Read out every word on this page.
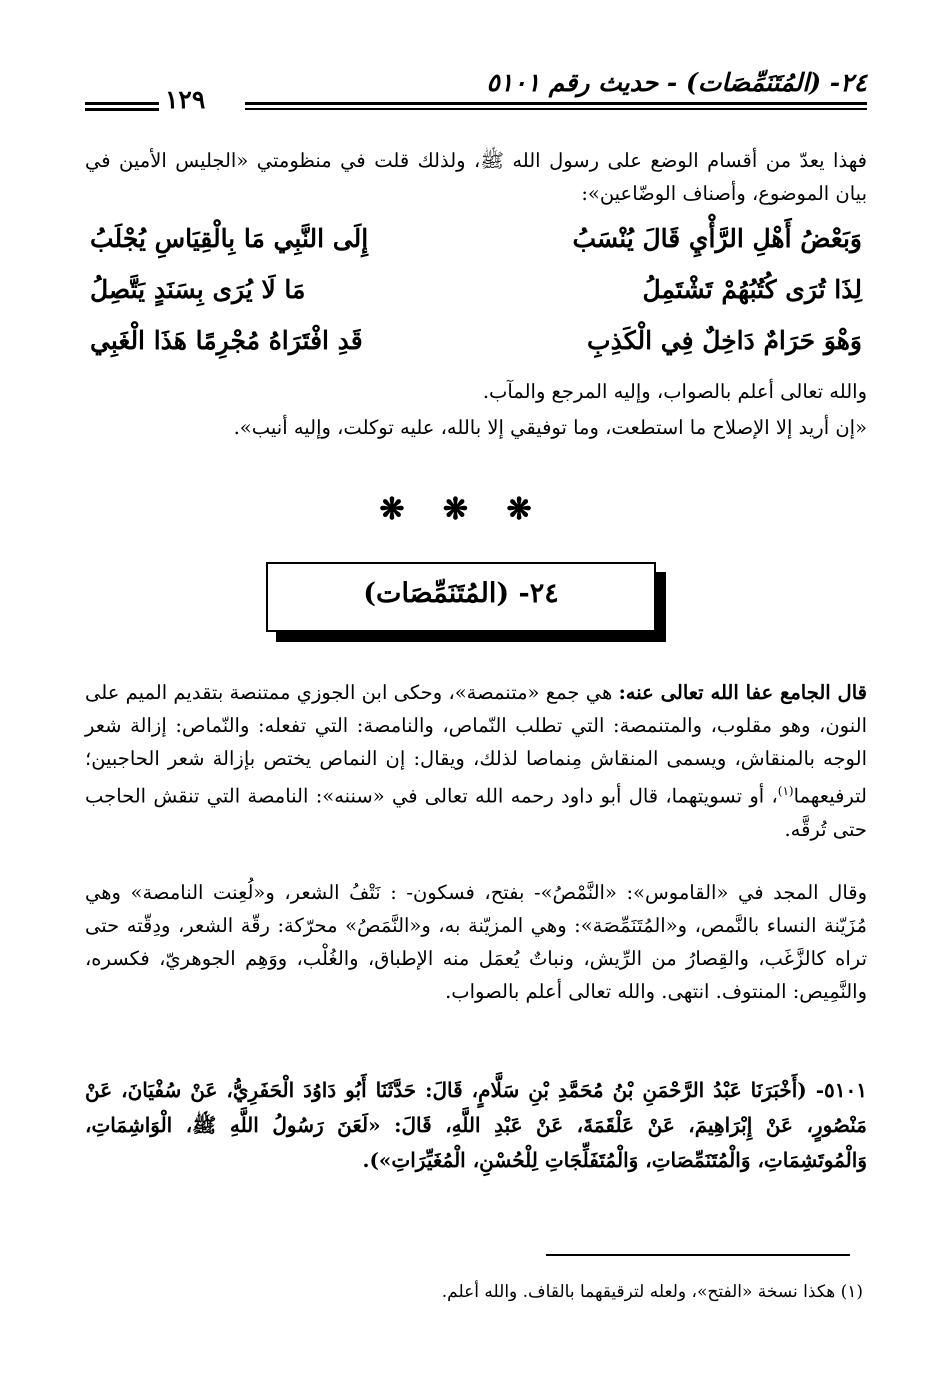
٢٤- (المُتَنَمِّصَات) - حديث رقم ٥١٠١
١٢٩
فهذا يعدّ من أقسام الوضع على رسول الله ﷺ، ولذلك قلت في منظومتي «الجليس الأمين في بيان الموضوع، وأصناف الوضّاعين»:
وَبَعْضُ أَهْلِ الرَّأْيِ قَالَ يُنْسَبُ
إِلَى النَّبِي مَا بِالْقِيَاسِ يُجْلَبُ
لِذَا تُرَى كُتُبُهُمْ تَشْتَمِلُ
مَا لَا يُرَى بِسَنَدٍ يَتَّصِلُ
وَهْوَ حَرَامٌ دَاخِلٌ فِي الْكَذِبِ
قَدِ افْتَرَاهُ مُجْرِمًا هَذَا الْغَبِي
والله تعالى أعلم بالصواب، وإليه المرجع والمآب.
«إن أريد إلا الإصلاح ما استطعت، وما توفيقي إلا بالله، عليه توكلت، وإليه أنيب».
❋ ❋ ❋
٢٤- (المُتَنَمِّصَات)
قال الجامع عفا الله تعالى عنه: هي جمع «متنمصة»، وحكى ابن الجوزي ممتنصة بتقديم الميم على النون، وهو مقلوب، والمتنمصة: التي تطلب النّماص، والنامصة: التي تفعله: والنّماص: إزالة شعر الوجه بالمنقاش، ويسمى المنقاش مِنماصا لذلك، ويقال: إن النماص يختص بإزالة شعر الحاجبين؛ لترفيعهما$^{(١)}$، أو تسويتهما، قال أبو داود رحمه الله تعالى في «سننه»: النامصة التي تنقش الحاجب حتى تُرقَّه.
وقال المجد في «القاموس»: «النَّمْصُ»- بفتح، فسكون- : نَتْفُ الشعر، و«لُعِنت النامصة» وهي مُزَيّنة النساء بالنَّمص، و«المُتَنَمِّصَة»: وهي المزيّنة به، و«النَّمَصُ» محرّكة: رقّة الشعر، ودِقّته حتى تراه كالزَّغَب، والقِصارُ من الرِّيش، ونباتٌ يُعمَل منه الإطباق، والغُلْب، ووَهِم الجوهريّ، فكسره، والنَّمِيص: المنتوف. انتهى. والله تعالى أعلم بالصواب.
٥١٠١- (أَخْبَرَنَا عَبْدُ الرَّحْمَنِ بْنُ مُحَمَّدِ بْنِ سَلَّامٍ، قَالَ: حَدَّثَنَا أَبُو دَاوُدَ الْحَفَرِيُّ، عَنْ سُفْيَانَ، عَنْ مَنْصُورٍ، عَنْ إِبْرَاهِيمَ، عَنْ عَلْقَمَةَ، عَنْ عَبْدِ اللَّهِ، قَالَ: «لَعَنَ رَسُولُ اللَّهِ ﷺ، الْوَاشِمَاتِ، وَالْمُوتَشِمَاتِ، وَالْمُتَنَمِّصَاتِ، وَالْمُتَفَلِّجَاتِ لِلْحُسْنِ، الْمُغَيِّرَاتِ»).
(١) هكذا نسخة «الفتح»، ولعله لترقيقهما بالقاف. والله أعلم.
